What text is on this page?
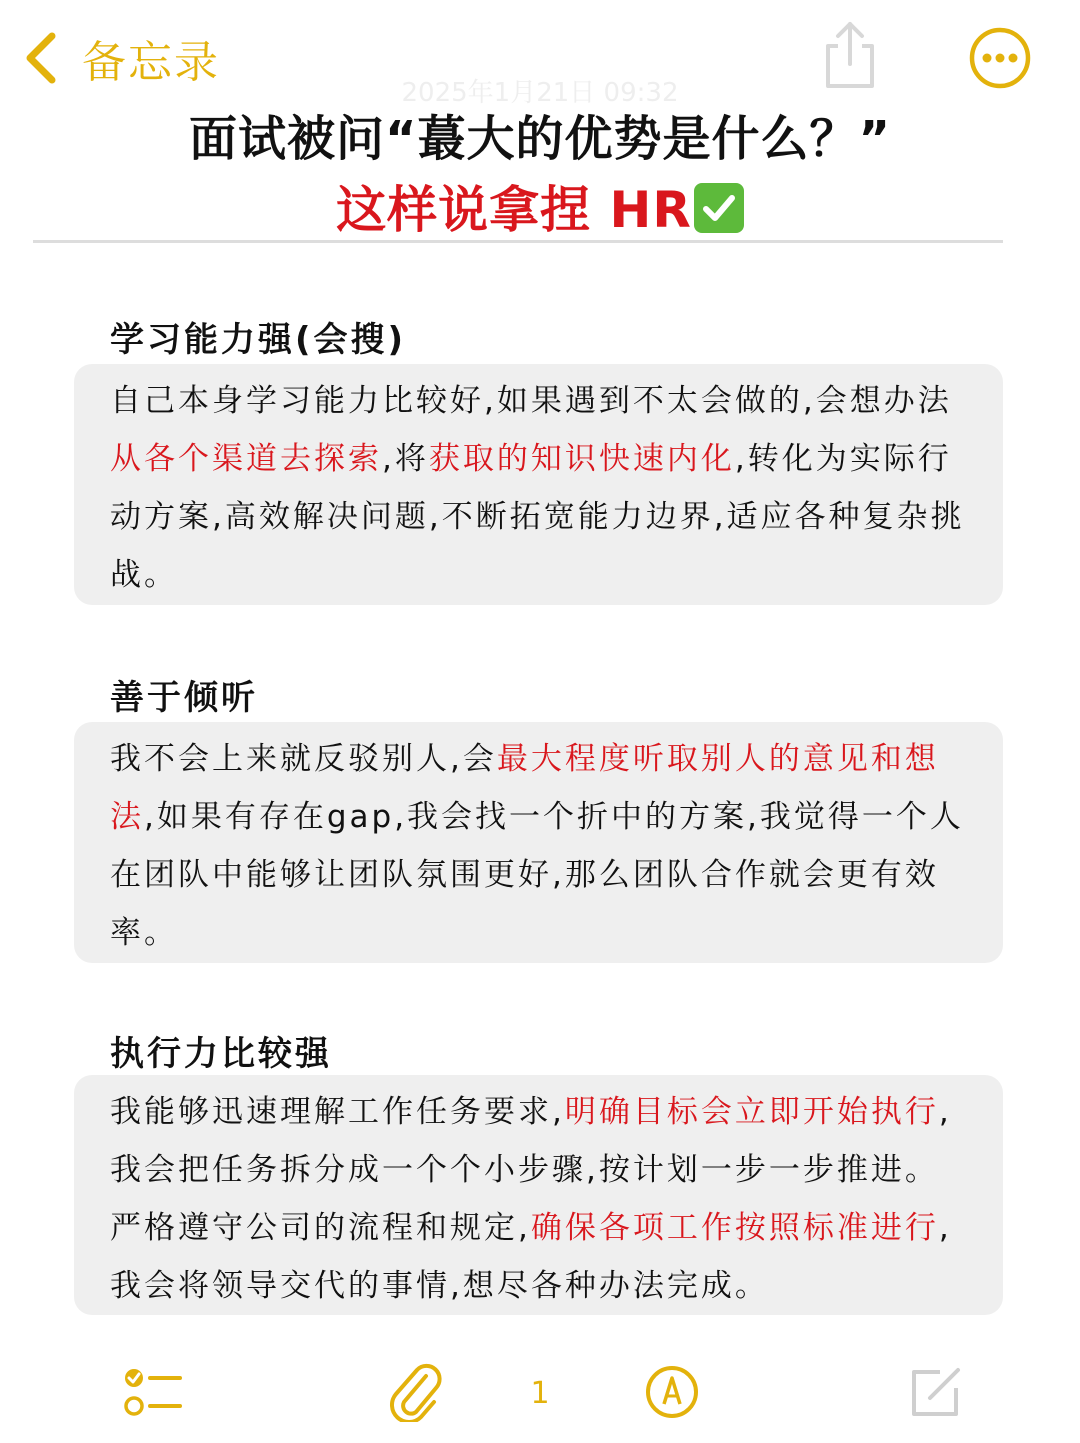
备忘录
2025年1月21日 09:32
面试被问“蕞大的优势是什么？”
这样说拿捏 HR
学习能力强(会搜)

自己本身学习能力比较好,如果遇到不太会做的,会想办法从各个渠道去探索,将获取的知识快速内化,转化为实际行动方案,高效解决问题,不断拓宽能力边界,适应各种复杂挑战。

善于倾听

我不会上来就反驳别人,会最大程度听取别人的意见和想法,如果有存在gap,我会找一个折中的方案,我觉得一个人在团队中能够让团队氛围更好,那么团队合作就会更有效率。

执行力比较强

我能够迅速理解工作任务要求,明确目标会立即开始执行,我会把任务拆分成一个个小步骤,按计划一步一步推进。严格遵守公司的流程和规定,确保各项工作按照标准进行,我会将领导交代的事情,想尽各种办法完成。

1
